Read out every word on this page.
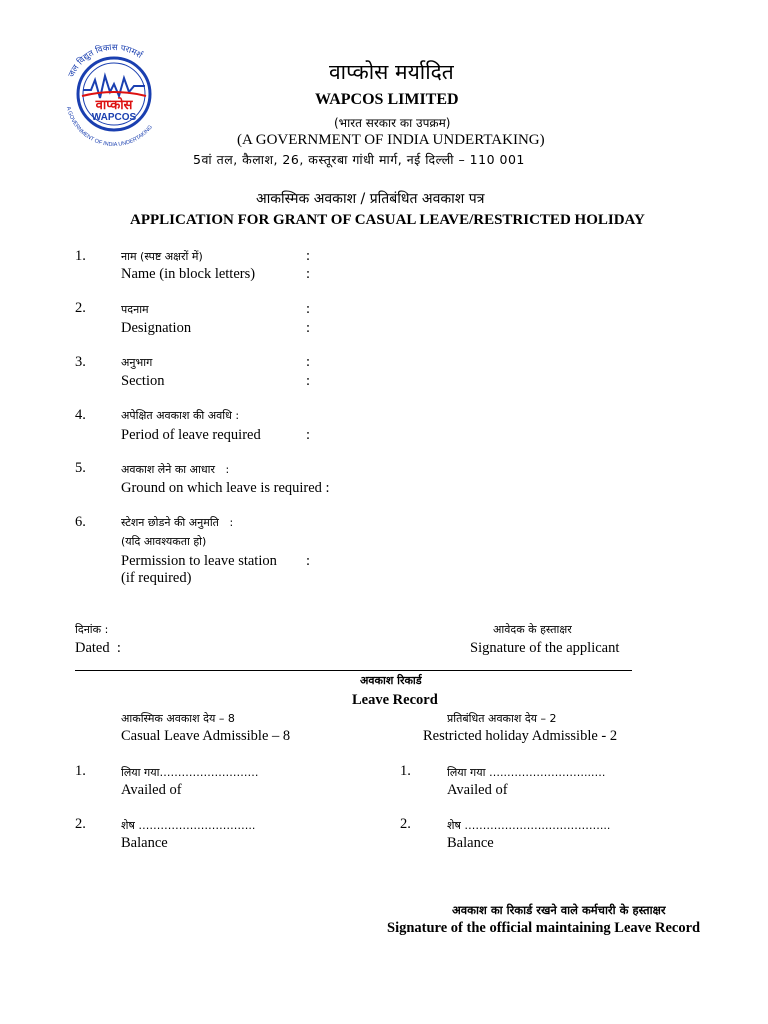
जल विद्युत विकास परामर्श
वाप्कोस
WAPCOS
A GOVERNMENT OF INDIA UNDERTAKING
वाप्कोस मर्यादित
WAPCOS LIMITED
(भारत सरकार का उपक्रम)
(A GOVERNMENT OF INDIA UNDERTAKING)
5वां तल, कैलाश, 26, कस्तूरबा गांधी मार्ग, नई दिल्ली – 110 001
आकस्मिक अवकाश / प्रतिबंधित अवकाश पत्र
APPLICATION FOR GRANT OF CASUAL LEAVE/RESTRICTED HOLIDAY
1.	नाम (स्पष्ट अक्षरों में)	:
Name (in block letters)	:
2.	पदनाम	:
Designation	:
3.	अनुभाग	:
Section	:
4.	अपेक्षित अवकाश की अवधि :
Period of leave required	:
5.	अवकाश लेने का आधार   :
Ground on which leave is required :
6.	स्टेशन छोडने की अनुमति   :
(यदि आवश्यकता हो)
Permission to leave station :
(if required)
दिनांक :
Dated  :
आवेदक के हस्ताक्षर
Signature of the applicant
अवकाश रिकार्ड
Leave Record
आकस्मिक अवकाश देय – 8
Casual Leave Admissible – 8
1.	लिया गया………………………
Availed of
2.	शेष …………………………..
Balance
प्रतिबंधित अवकाश देय – 2
Restricted holiday Admissible - 2
1.	लिया गया …..…………………..….
Availed of
2.	शेष ………………….……………...
Balance
अवकाश का रिकार्ड रखने वाले कर्मचारी के हस्ताक्षर
Signature of the official maintaining Leave Record
